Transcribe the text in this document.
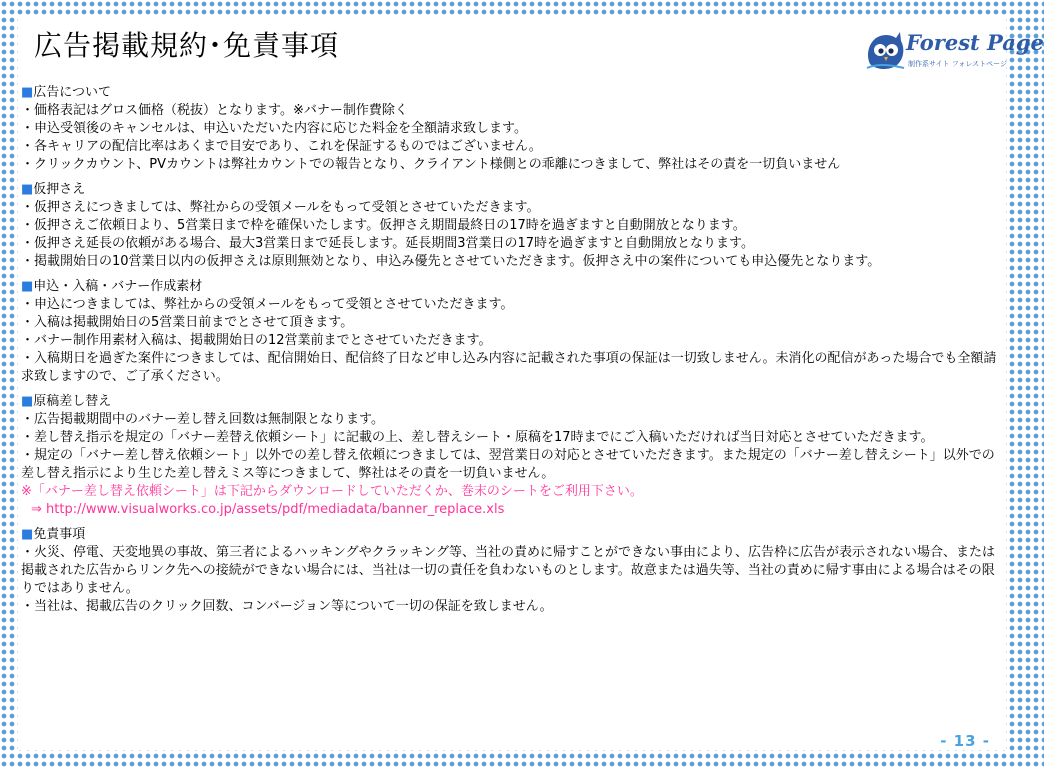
広告掲載規約･免責事項	Forest Page
制作系サイト フォレストページ
■広告について

・価格表記はグロス価格（税抜）となります。※バナー制作費除く

・申込受領後のキャンセルは、申込いただいた内容に応じた料金を全額請求致します。

・各キャリアの配信比率はあくまで目安であり、これを保証するものではございません。

・クリックカウント、PVカウントは弊社カウントでの報告となり、クライアント様側との乖離につきまして、弊社はその責を一切負いません

■仮押さえ

・仮押さえにつきましては、弊社からの受領メールをもって受領とさせていただきます。

・仮押さえご依頼日より、5営業日まで枠を確保いたします。仮押さえ期間最終日の17時を過ぎますと自動開放となります。

・仮押さえ延長の依頼がある場合、最大3営業日まで延長します。延長期間3営業日の17時を過ぎますと自動開放となります。

・掲載開始日の10営業日以内の仮押さえは原則無効となり、申込み優先とさせていただきます。仮押さえ中の案件についても申込優先となります。

■申込・入稿・バナー作成素材

・申込につきましては、弊社からの受領メールをもって受領とさせていただきます。

・入稿は掲載開始日の5営業日前までとさせて頂きます。

・バナー制作用素材入稿は、掲載開始日の12営業前までとさせていただきます。

・入稿期日を過ぎた案件につきましては、配信開始日、配信終了日など申し込み内容に記載された事項の保証は一切致しません。未消化の配信があった場合でも全額請求致しますので、ご了承ください。

■原稿差し替え

・広告掲載期間中のバナー差し替え回数は無制限となります。

・差し替え指示を規定の「バナー差替え依頼シート」に記載の上、差し替えシート・原稿を17時までにご入稿いただければ当日対応とさせていただきます。

・規定の「バナー差し替え依頼シート」以外での差し替え依頼につきましては、翌営業日の対応とさせていただきます。また規定の「バナー差し替えシート」以外での差し替え指示により生じた差し替えミス等につきまして、弊社はその責を一切負いません。

※「バナー差し替え依頼シート」は下記からダウンロードしていただくか、巻末のシートをご利用下さい。

⇒ http://www.visualworks.co.jp/assets/pdf/mediadata/banner_replace.xls
■免責事項

・火災、停電、天変地異の事故、第三者によるハッキングやクラッキング等、当社の責めに帰すことができない事由により、広告枠に広告が表示されない場合、または掲載された広告からリンク先への接続ができない場合には、当社は一切の責任を負わないものとします。故意または過失等、当社の責めに帰す事由による場合はその限りではありません。

・当社は、掲載広告のクリック回数、コンバージョン等について一切の保証を致しません。

- 13 -
